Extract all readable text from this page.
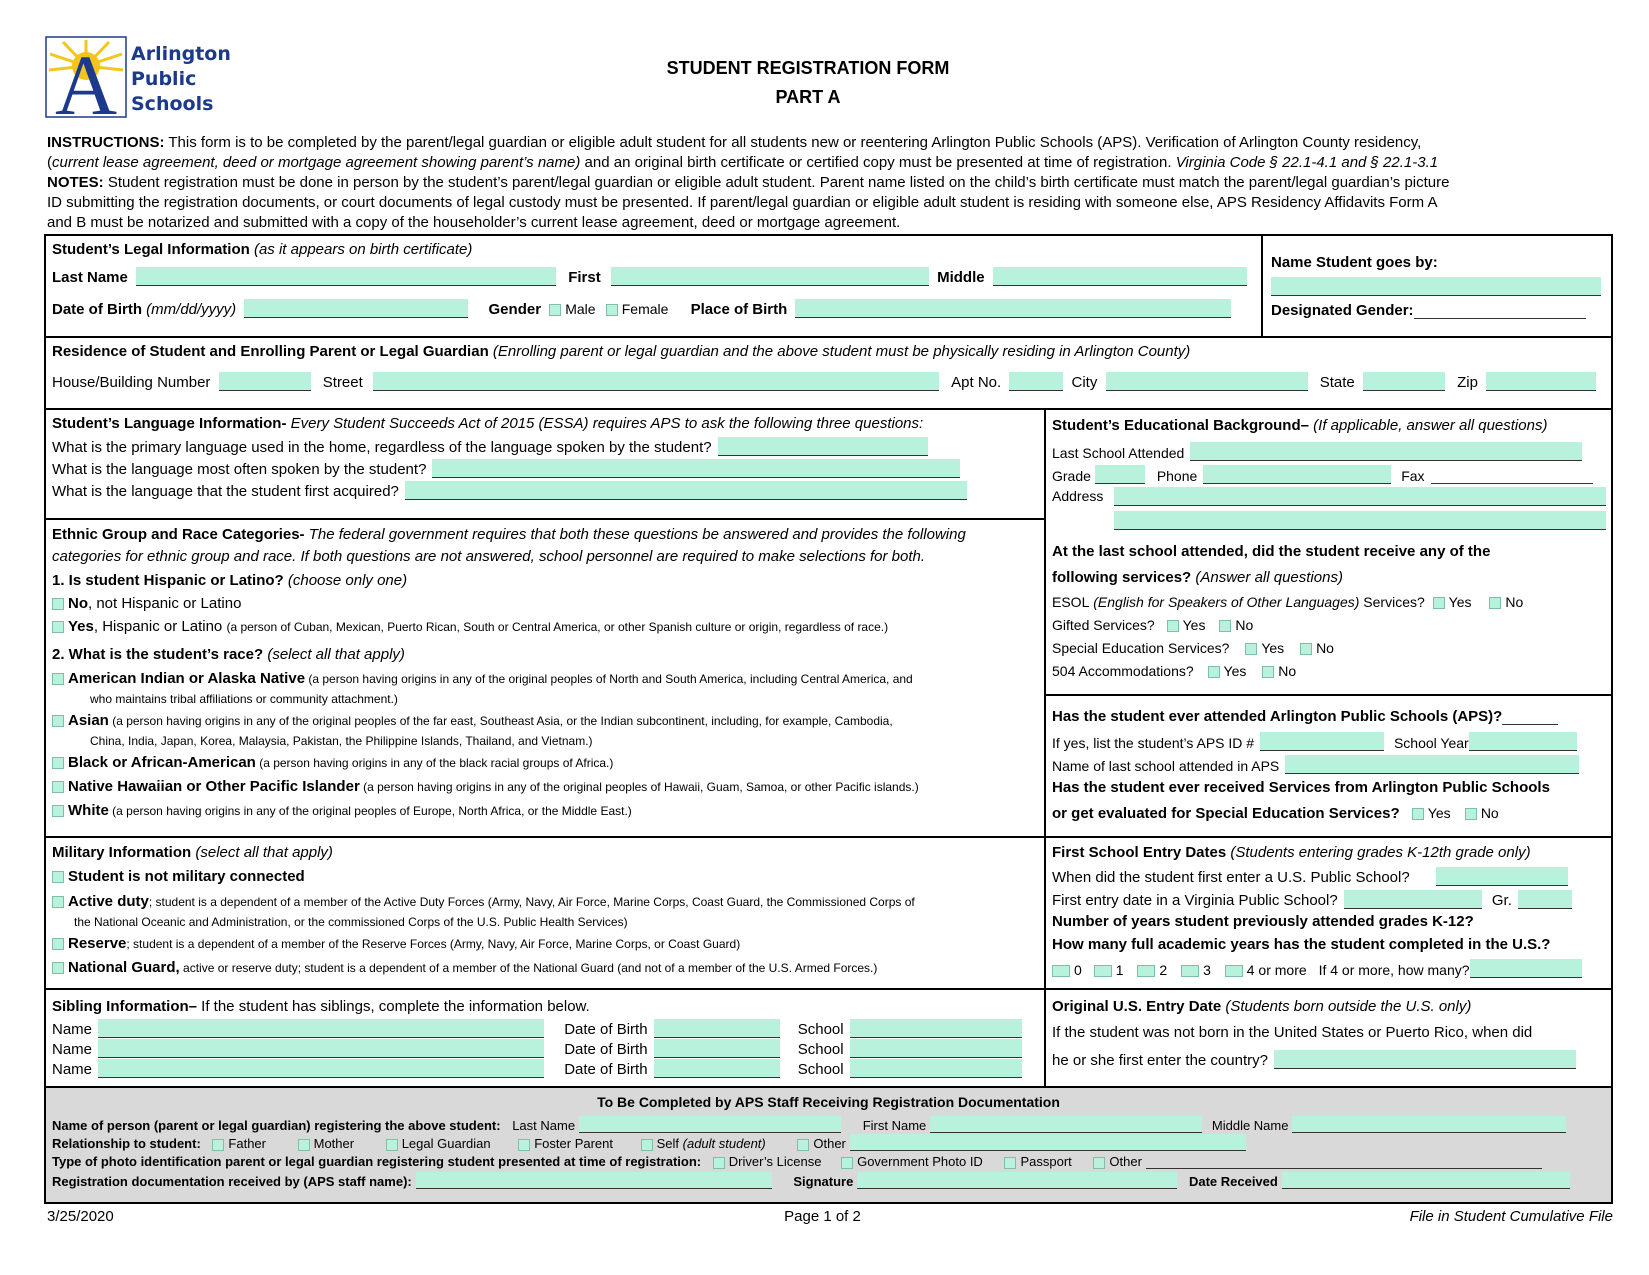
A Arlington
Public
Schools
STUDENT REGISTRATION FORM
PART A

INSTRUCTIONS: This form is to be completed by the parent/legal guardian or eligible adult student for all students new or reentering Arlington Public Schools (APS). Verification of Arlington County residency,

(current lease agreement, deed or mortgage agreement showing parent’s name) and an original birth certificate or certified copy must be presented at time of registration. Virginia Code § 22.1-4.1 and § 22.1-3.1

NOTES: Student registration must be done in person by the student’s parent/legal guardian or eligible adult student. Parent name listed on the child’s birth certificate must match the parent/legal guardian’s picture

ID submitting the registration documents, or court documents of legal custody must be presented. If parent/legal guardian or eligible adult student is residing with someone else, APS Residency Affidavits Form A

and B must be notarized and submitted with a copy of the householder’s current lease agreement, deed or mortgage agreement.

Student’s Legal Information (as it appears on birth certificate)
Last Name	First	Middle
Date of Birth (mm/dd/yyyy)	Gender Male Female Place of Birth
Name Student goes by:
Designated Gender:
Residence of Student and Enrolling Parent or Legal Guardian (Enrolling parent or legal guardian and the above student must be physically residing in Arlington County)
House/Building Number	Street	Apt No.	City	State	Zip
Student’s Language Information- Every Student Succeeds Act of 2015 (ESSA) requires APS to ask the following three questions:
What is the primary language used in the home, regardless of the language spoken by the student?
What is the language most often spoken by the student?
What is the language that the student first acquired?
Ethnic Group and Race Categories- The federal government requires that both these questions be answered and provides the following
categories for ethnic group and race. If both questions are not answered, school personnel are required to make selections for both.
1. Is student Hispanic or Latino? (choose only one)
No, not Hispanic or Latino
Yes, Hispanic or Latino (a person of Cuban, Mexican, Puerto Rican, South or Central America, or other Spanish culture or origin, regardless of race.)
2. What is the student’s race? (select all that apply)
American Indian or Alaska Native (a person having origins in any of the original peoples of North and South America, including Central America, and
who maintains tribal affiliations or community attachment.)
Asian (a person having origins in any of the original peoples of the far east, Southeast Asia, or the Indian subcontinent, including, for example, Cambodia,
China, India, Japan, Korea, Malaysia, Pakistan, the Philippine Islands, Thailand, and Vietnam.)
Black or African-American (a person having origins in any of the black racial groups of Africa.)
Native Hawaiian or Other Pacific Islander (a person having origins in any of the original peoples of Hawaii, Guam, Samoa, or other Pacific islands.)
White (a person having origins in any of the original peoples of Europe, North Africa, or the Middle East.)
Student’s Educational Background– (If applicable, answer all questions)
Last School Attended
Grade	Phone	Fax
Address
At the last school attended, did the student receive any of the
following services? (Answer all questions)
ESOL (English for Speakers of Other Languages) Services? Yes No
Gifted Services? Yes No
Special Education Services? Yes No
504 Accommodations? Yes No
Has the student ever attended Arlington Public Schools (APS)?
If yes, list the student’s APS ID #	School Year
Name of last school attended in APS
Has the student ever received Services from Arlington Public Schools
or get evaluated for Special Education Services? Yes No
Military Information (select all that apply)
Student is not military connected
Active duty; student is a dependent of a member of the Active Duty Forces (Army, Navy, Air Force, Marine Corps, Coast Guard, the Commissioned Corps of
the National Oceanic and Administration, or the commissioned Corps of the U.S. Public Health Services)
Reserve; student is a dependent of a member of the Reserve Forces (Army, Navy, Air Force, Marine Corps, or Coast Guard)
National Guard, active or reserve duty; student is a dependent of a member of the National Guard (and not of a member of the U.S. Armed Forces.)
First School Entry Dates (Students entering grades K-12th grade only)
When did the student first enter a U.S. Public School?
First entry date in a Virginia Public School?	Gr.
Number of years student previously attended grades K-12?
How many full academic years has the student completed in the U.S.?
0 1	2	3	4 or more If 4 or more, how many?
Sibling Information– If the student has siblings, complete the information below.
Name	Date of Birth	School
Name	Date of Birth	School
Name	Date of Birth	School
Original U.S. Entry Date (Students born outside the U.S. only)
If the student was not born in the United States or Puerto Rico, when did
he or she first enter the country?
To Be Completed by APS Staff Receiving Registration Documentation
Name of person (parent or legal guardian) registering the above student: Last Name	First Name	Middle Name
Relationship to student: Father	Mother	Legal Guardian	Foster Parent	Self (adult student)	Other
Type of photo identification parent or legal guardian registering student presented at time of registration: Driver’s License	Government Photo ID	Passport	Other
Registration documentation received by (APS staff name):	Signature	Date Received
3/25/2020	Page 1 of 2	File in Student Cumulative File
